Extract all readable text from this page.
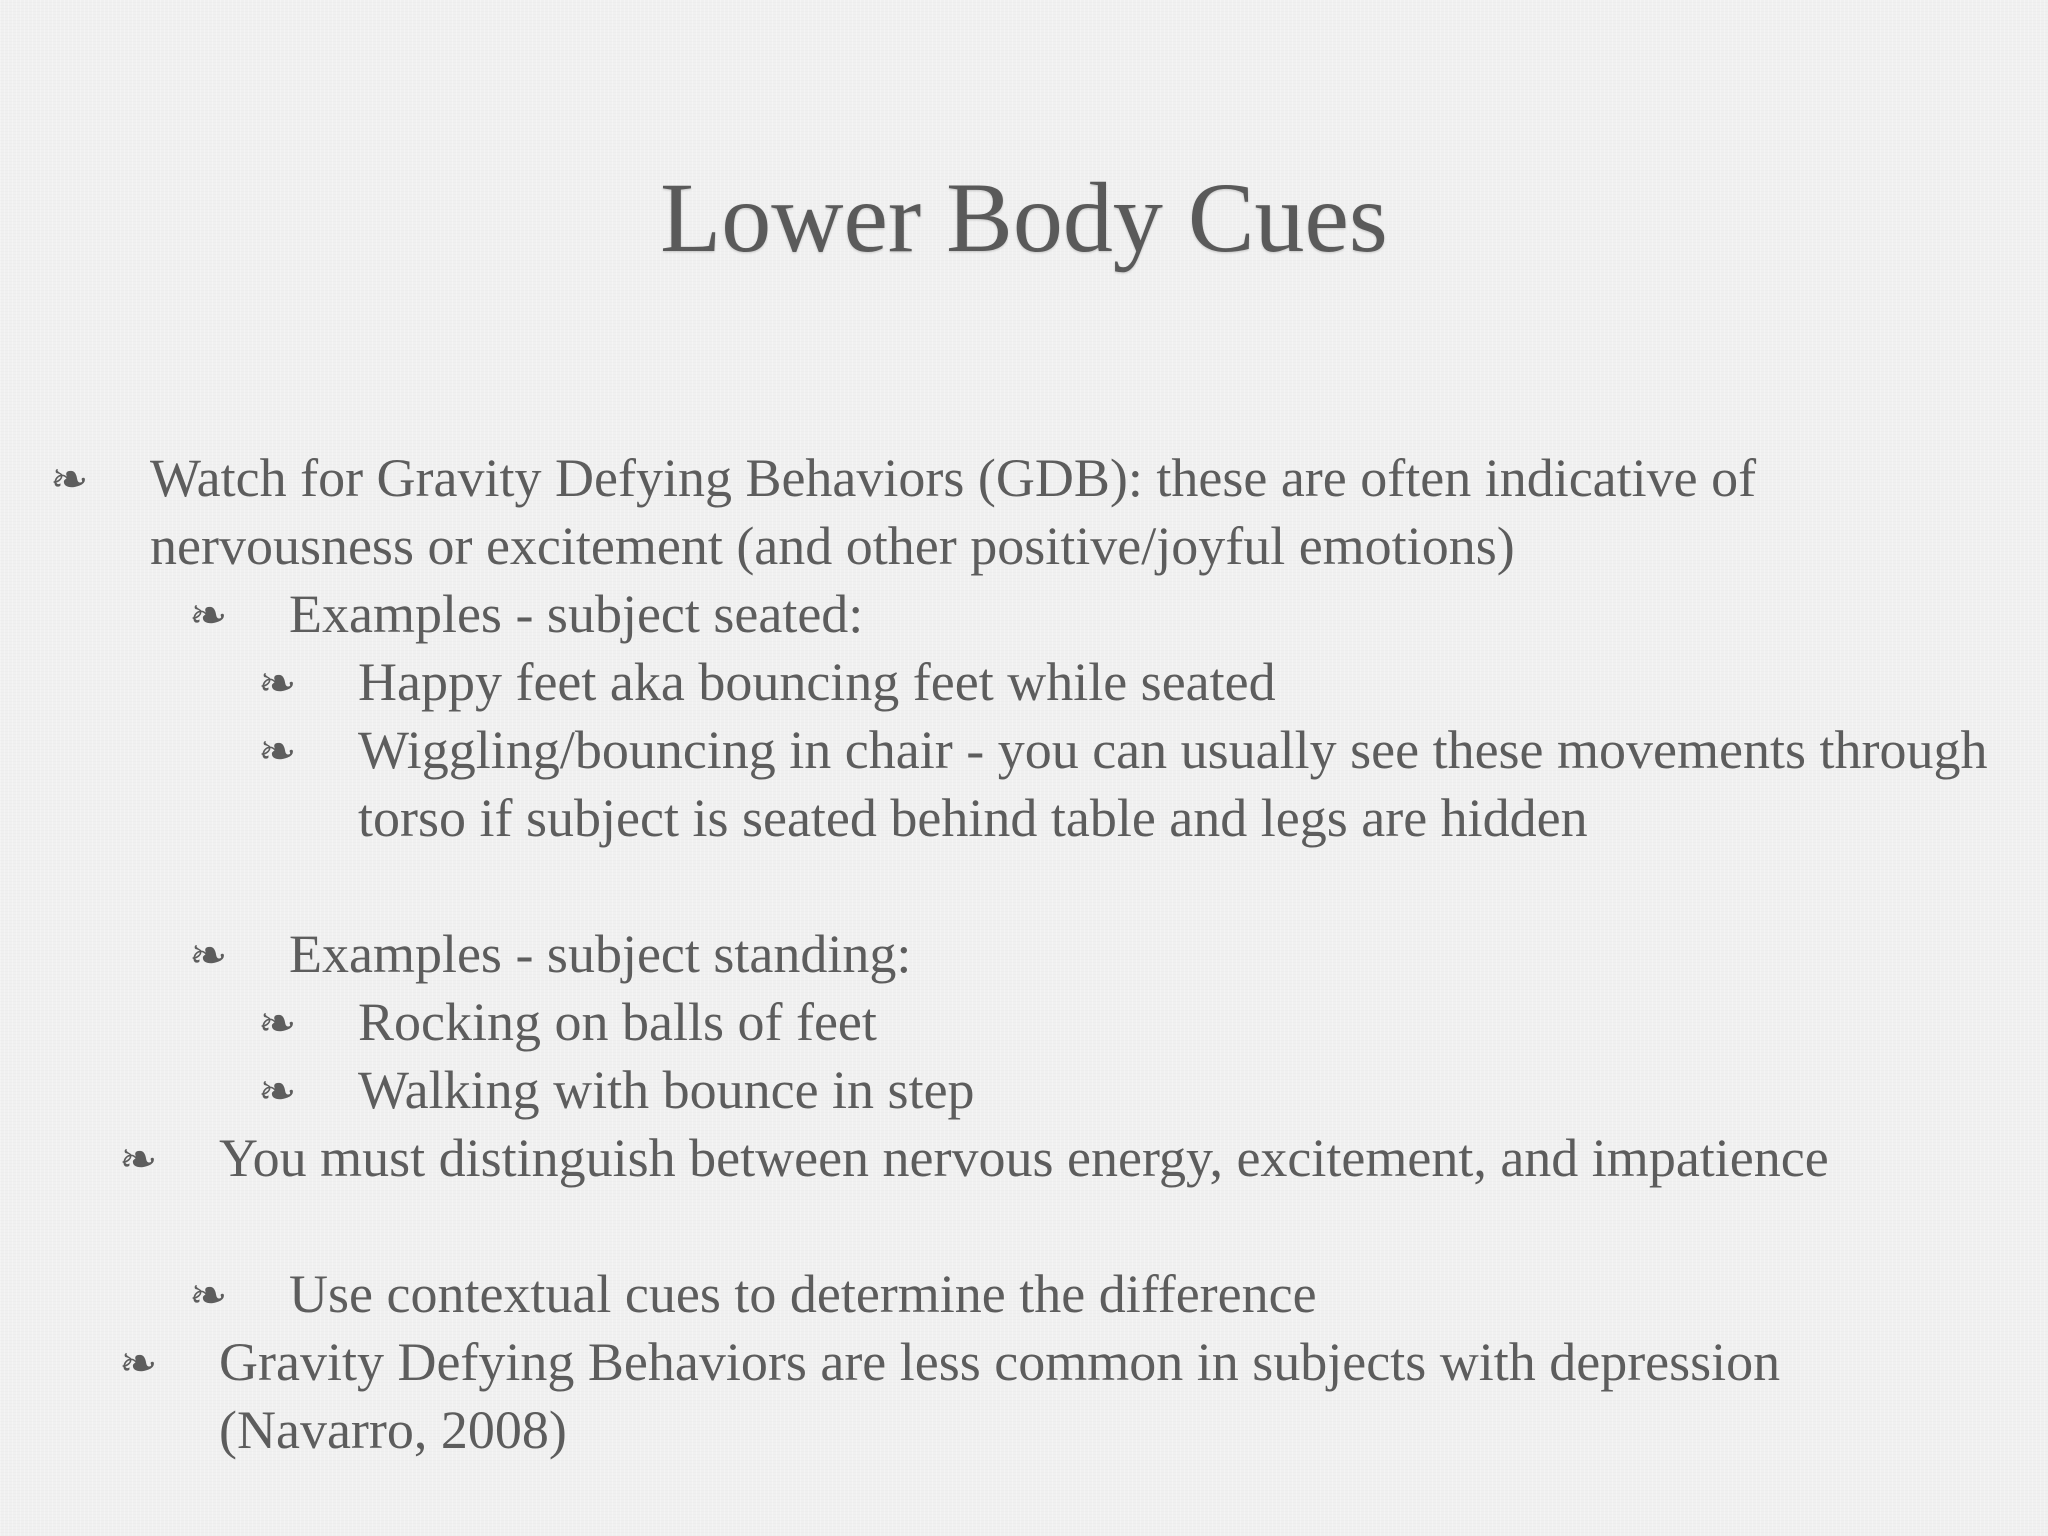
Lower Body Cues
❧ Watch for Gravity Defying Behaviors (GDB): these are often indicative of nervousness or excitement (and other positive/joyful emotions)
❧ Examples - subject seated:
❧ Happy feet aka bouncing feet while seated
❧ Wiggling/bouncing in chair - you can usually see these movements through torso if subject is seated behind table and legs are hidden
❧ Examples - subject standing:
❧ Rocking on balls of feet
❧ Walking with bounce in step
❧ You must distinguish between nervous energy, excitement, and impatience
❧ Use contextual cues to determine the difference
❧ Gravity Defying Behaviors are less common in subjects with depression (Navarro, 2008)
